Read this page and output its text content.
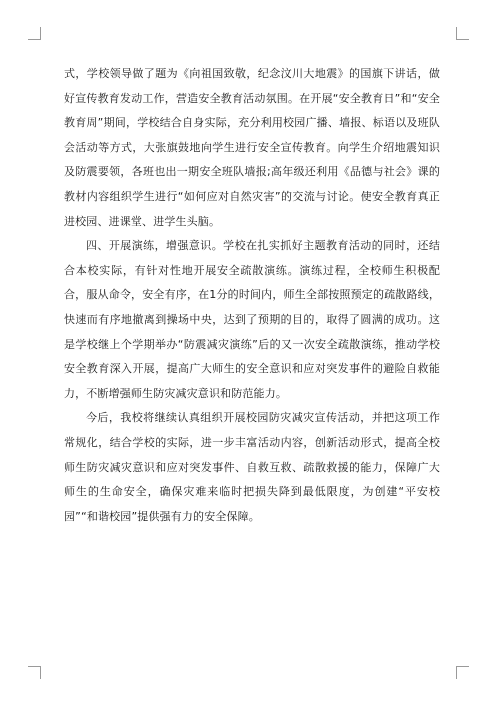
式，学校领导做了题为《向祖国致敬，纪念汶川大地震》的国旗下讲话，做好宣传教育发动工作，营造安全教育活动氛围。在开展“安全教育日”和“安全教育周”期间，学校结合自身实际，充分利用校园广播、墙报、标语以及班队会活动等方式，大张旗鼓地向学生进行安全宣传教育。向学生介绍地震知识及防震要领，各班也出一期安全班队墙报;高年级还利用《品德与社会》课的教材内容组织学生进行“如何应对自然灾害”的交流与讨论。使安全教育真正进校园、进课堂、进学生头脑。

四、开展演练，增强意识。学校在扎实抓好主题教育活动的同时，还结合本校实际，有针对性地开展安全疏散演练。演练过程，全校师生积极配合，服从命令，安全有序，在1分的时间内，师生全部按照预定的疏散路线，快速而有序地撤离到操场中央，达到了预期的目的，取得了圆满的成功。这是学校继上个学期举办“防震减灾演练”后的又一次安全疏散演练，推动学校安全教育深入开展，提高广大师生的安全意识和应对突发事件的避险自救能力，不断增强师生防灾减灾意识和防范能力。

今后，我校将继续认真组织开展校园防灾减灾宣传活动，并把这项工作常规化，结合学校的实际，进一步丰富活动内容，创新活动形式，提高全校师生防灾减灾意识和应对突发事件、自救互救、疏散救援的能力，保障广大师生的生命安全，确保灾难来临时把损失降到最低限度，为创建“平安校园”“和谐校园”提供强有力的安全保障。
